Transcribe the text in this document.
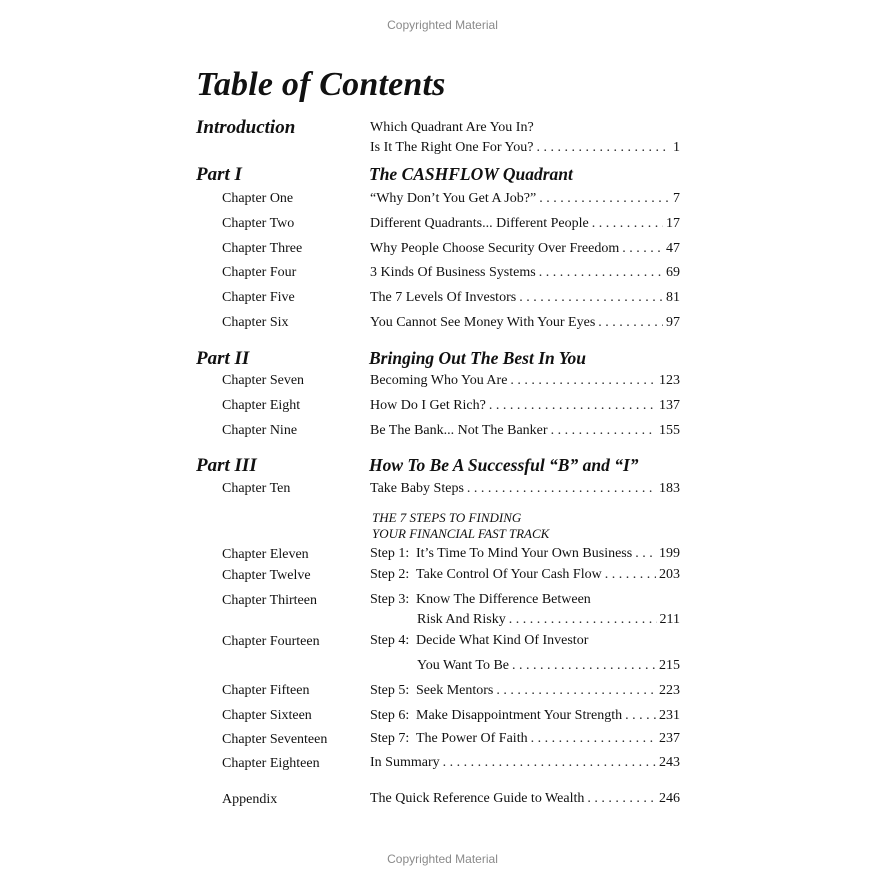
Copyrighted Material
Table of Contents
Introduction	Which Quadrant Are You In?
Is It The Right One For You? . . .	1
Part I	The CASHFLOW Quadrant
Chapter One	“Why Don’t You Get A Job?” . . .	7
Chapter Two	Different Quadrants... Different People . . .	17
Chapter Three	Why People Choose Security Over Freedom . . .	47
Chapter Four	3 Kinds Of Business Systems . . .	69
Chapter Five	The 7 Levels Of Investors . . .	81
Chapter Six	You Cannot See Money With Your Eyes . . .	97
Part II	Bringing Out The Best In You
Chapter Seven	Becoming Who You Are . . .	123
Chapter Eight	How Do I Get Rich? . . .	137
Chapter Nine	Be The Bank... Not The Banker . . .	155
Part III	How To Be A Successful “B” and “I”
Chapter Ten	Take Baby Steps . . .	183
THE 7 STEPS TO FINDING
YOUR FINANCIAL FAST TRACK
Chapter Eleven	Step 1: It’s Time To Mind Your Own Business . . . 199
Chapter Twelve	Step 2: Take Control Of Your Cash Flow . . .	203
Chapter Thirteen	Step 3: Know The Difference Between
Risk And Risky . . .	211
Chapter Fourteen	Step 4: Decide What Kind Of Investor
You Want To Be . . .	215
Chapter Fifteen	Step 5: Seek Mentors . . .	223
Chapter Sixteen	Step 6: Make Disappointment Your Strength . . .	231
Chapter Seventeen	Step 7: The Power Of Faith . . .	237
Chapter Eighteen	In Summary . . .	243
Appendix	The Quick Reference Guide to Wealth . . .	246
Copyrighted Material
